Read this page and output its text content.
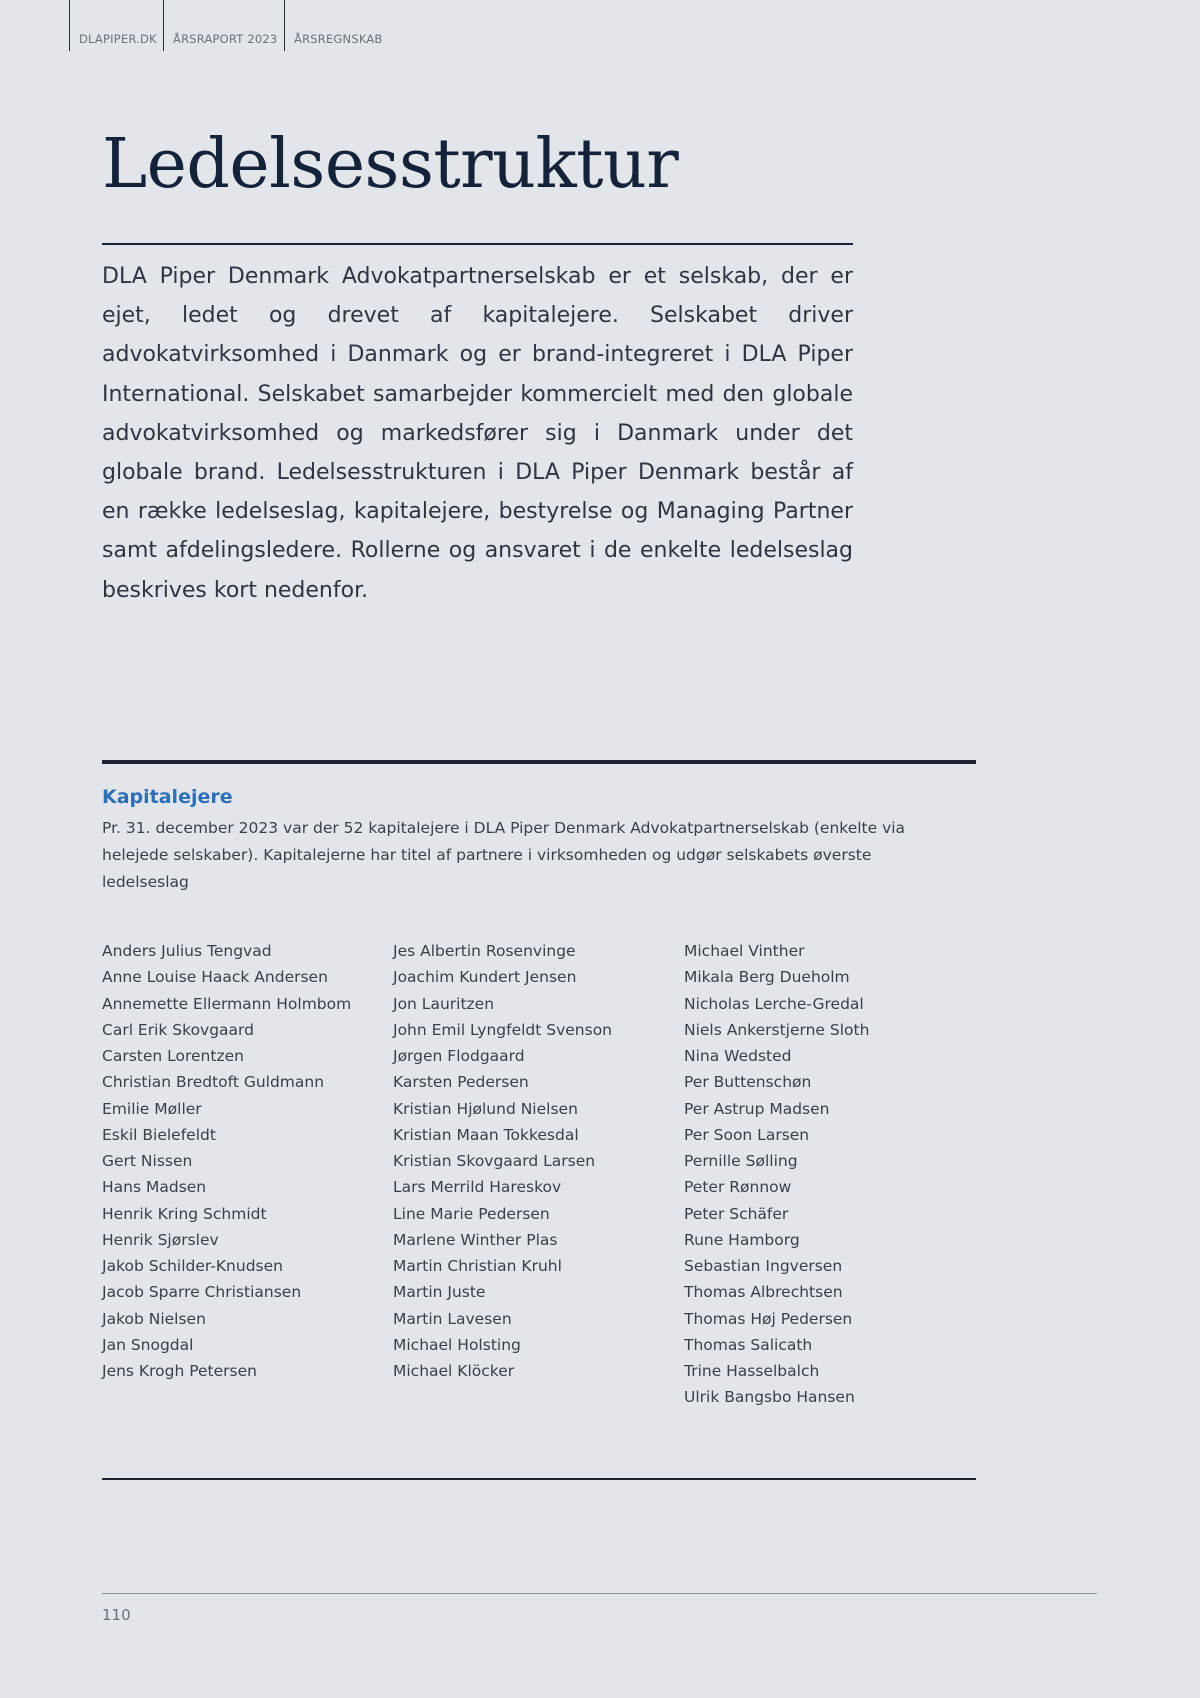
DLAPIPER.DK	ÅRSRAPORT 2023	ÅRSREGNSKAB
Ledelsesstruktur

DLA Piper Denmark Advokatpartnerselskab er et selskab, der er ejet, ledet og drevet af kapitalejere. Selskabet driver advokatvirksomhed i Danmark og er brand-integreret i DLA Piper International. Selskabet samarbejder kommercielt med den globale advokatvirksomhed og markedsfører sig i Danmark under det globale brand. Ledelsesstrukturen i DLA Piper Denmark består af en række ledelseslag, kapitalejere, bestyrelse og Managing Partner samt afdelingsledere. Rollerne og ansvaret i de enkelte ledelseslag beskrives kort nedenfor.

Kapitalejere

Pr. 31. december 2023 var der 52 kapitalejere i DLA Piper Denmark Advokatpartnerselskab (enkelte via helejede selskaber). Kapitalejerne har titel af partnere i virksomheden og udgør selskabets øverste ledelseslag

Anders Julius Tengvad
Anne Louise Haack Andersen
Annemette Ellermann Holmbom
Carl Erik Skovgaard
Carsten Lorentzen
Christian Bredtoft Guldmann
Emilie Møller
Eskil Bielefeldt
Gert Nissen
Hans Madsen
Henrik Kring Schmidt
Henrik Sjørslev
Jakob Schilder-Knudsen
Jacob Sparre Christiansen
Jakob Nielsen
Jan Snogdal
Jens Krogh Petersen
Jes Albertin Rosenvinge
Joachim Kundert Jensen
Jon Lauritzen
John Emil Lyngfeldt Svenson
Jørgen Flodgaard
Karsten Pedersen
Kristian Hjølund Nielsen
Kristian Maan Tokkesdal
Kristian Skovgaard Larsen
Lars Merrild Hareskov
Line Marie Pedersen
Marlene Winther Plas
Martin Christian Kruhl
Martin Juste
Martin Lavesen
Michael Holsting
Michael Klöcker
Michael Vinther
Mikala Berg Dueholm
Nicholas Lerche-Gredal
Niels Ankerstjerne Sloth
Nina Wedsted
Per Buttenschøn
Per Astrup Madsen
Per Soon Larsen
Pernille Sølling
Peter Rønnow
Peter Schäfer
Rune Hamborg
Sebastian Ingversen
Thomas Albrechtsen
Thomas Høj Pedersen
Thomas Salicath
Trine Hasselbalch
Ulrik Bangsbo Hansen
110
